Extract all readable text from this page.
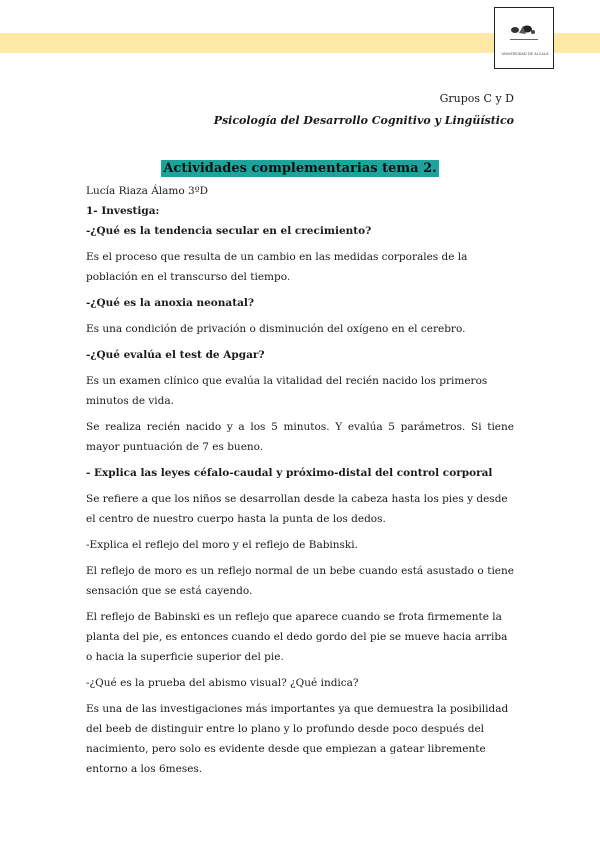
UNIVERSIDAD DE ALCALÁ
Grupos C y D
Psicología del Desarrollo Cognitivo y Lingüístico
Actividades complementarias tema 2.

Lucía Riaza Álamo 3ºD

1- Investiga:

-¿Qué es la tendencia secular en el crecimiento?

Es el proceso que resulta de un cambio en las medidas corporales de la población en el transcurso del tiempo.

-¿Qué es la anoxia neonatal?

Es una condición de privación o disminución del oxígeno en el cerebro.

-¿Qué evalúa el test de Apgar?

Es un examen clínico que evalúa la vitalidad del recién nacido los primeros minutos de vida.

Se realiza recién nacido y a los 5 minutos. Y evalúa 5 parámetros. Si tiene mayor puntuación de 7 es bueno.

- Explica las leyes céfalo-caudal y próximo-distal del control corporal

Se refiere a que los niños se desarrollan desde la cabeza hasta los pies y desde el centro de nuestro cuerpo hasta la punta de los dedos.

-Explica el reflejo del moro y el reflejo de Babinski.

El reflejo de moro es un reflejo normal de un bebe cuando está asustado o tiene sensación que se está cayendo.

El reflejo de Babinski es un reflejo que aparece cuando se frota firmemente la planta del pie, es entonces cuando el dedo gordo del pie se mueve hacia arriba o hacia la superficie superior del pie.

-¿Qué es la prueba del abismo visual? ¿Qué indica?

Es una de las investigaciones más importantes ya que demuestra la posibilidad del beeb de distinguir entre lo plano y lo profundo desde poco después del nacimiento, pero solo es evidente desde que empiezan a gatear libremente entorno a los 6meses.
